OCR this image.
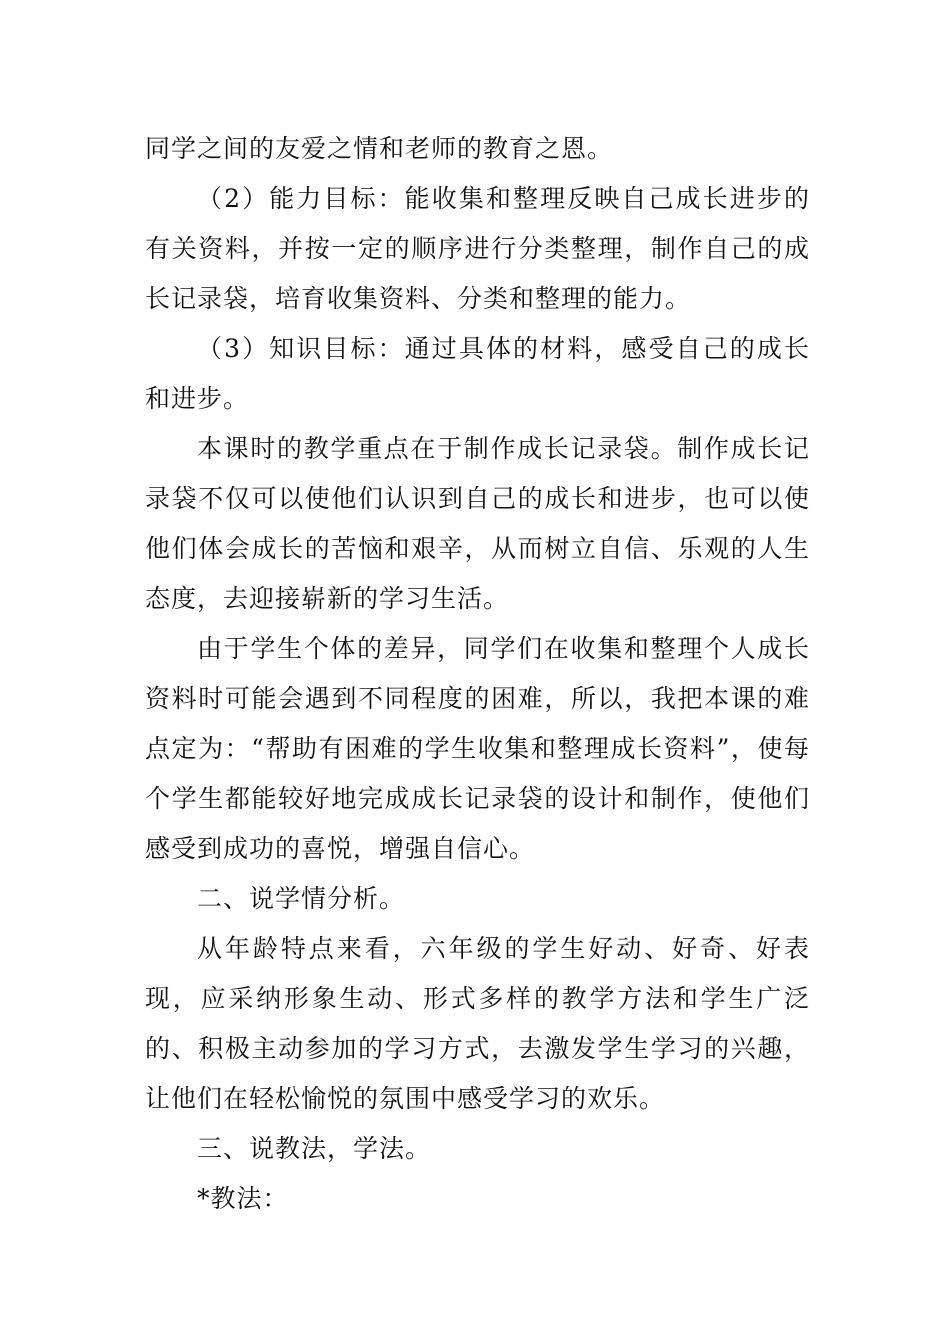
同学之间的友爱之情和老师的教育之恩。

（2）能力目标：能收集和整理反映自己成长进步的有关资料，并按一定的顺序进行分类整理，制作自己的成长记录袋，培育收集资料、分类和整理的能力。

（3）知识目标：通过具体的材料，感受自己的成长和进步。

本课时的教学重点在于制作成长记录袋。制作成长记录袋不仅可以使他们认识到自己的成长和进步，也可以使他们体会成长的苦恼和艰辛，从而树立自信、乐观的人生态度，去迎接崭新的学习生活。

由于学生个体的差异，同学们在收集和整理个人成长资料时可能会遇到不同程度的困难，所以，我把本课的难点定为：“帮助有困难的学生收集和整理成长资料”，使每个学生都能较好地完成成长记录袋的设计和制作，使他们感受到成功的喜悦，增强自信心。

二、说学情分析。

从年龄特点来看，六年级的学生好动、好奇、好表现，应采纳形象生动、形式多样的教学方法和学生广泛的、积极主动参加的学习方式，去激发学生学习的兴趣，让他们在轻松愉悦的氛围中感受学习的欢乐。

三、说教法，学法。

*教法：
